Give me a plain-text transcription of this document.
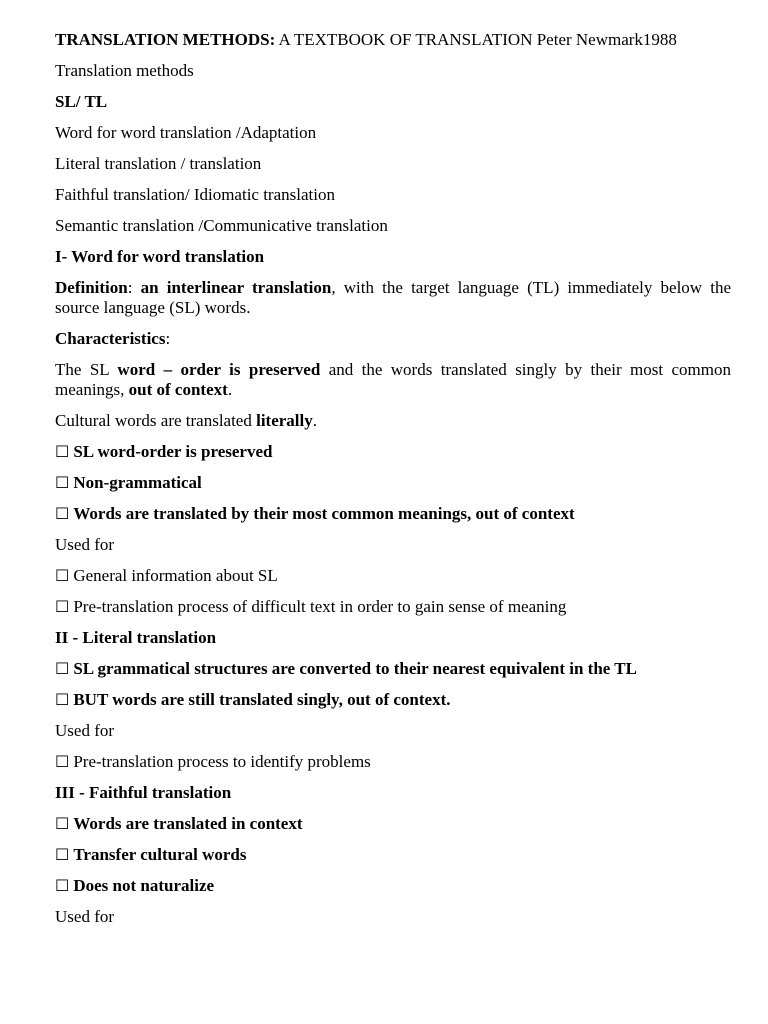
TRANSLATION METHODS: A TEXTBOOK OF TRANSLATION Peter Newmark1988
Translation methods
SL/ TL
Word for word translation /Adaptation
Literal translation / translation
Faithful translation/ Idiomatic translation
Semantic translation /Communicative translation
I- Word for word translation
Definition: an interlinear translation, with the target language (TL) immediately below the source language (SL) words.
Characteristics:
The SL word – order is preserved and the words translated singly by their most common meanings, out of context.
Cultural words are translated literally.
☐ SL word-order is preserved
☐ Non-grammatical
☐ Words are translated by their most common meanings, out of context
Used for
☐ General information about SL
☐ Pre-translation process of difficult text in order to gain sense of meaning
II - Literal translation
☐ SL grammatical structures are converted to their nearest equivalent in the TL
☐ BUT words are still translated singly, out of context.
Used for
☐ Pre-translation process to identify problems
III - Faithful translation
☐ Words are translated in context
☐ Transfer cultural words
☐ Does not naturalize
Used for
